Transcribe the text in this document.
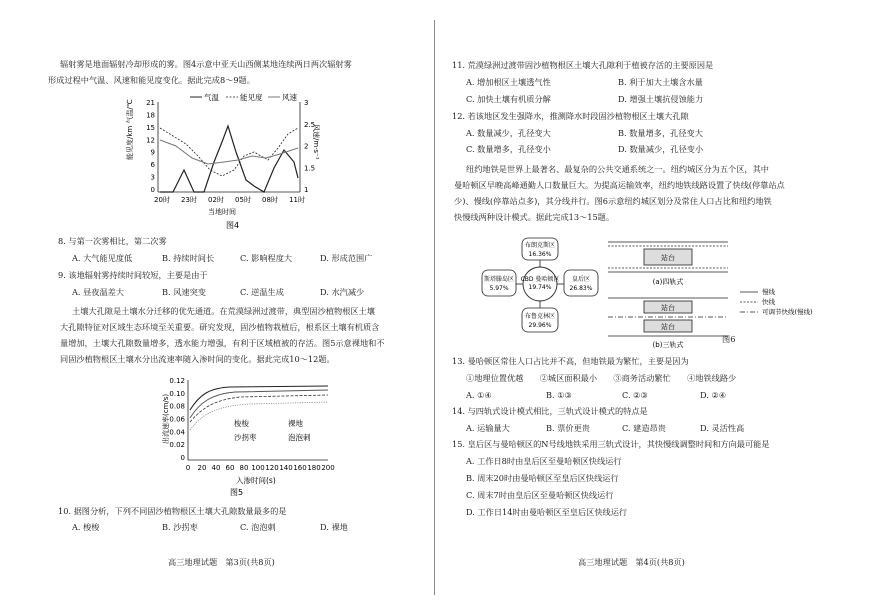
辐射雾是地面辐射冷却形成的雾。图4示意中亚天山西侧某地连续两日两次辐射雾
形成过程中气温、风速和能见度变化。据此完成8～9题。
气温	能见度	风速
21
18
15
12
9
6
3
0
3
2.5
2
1.5
1
20时 23时 02时 05时 08时 11时
能见度/km 气温/℃	风速/m·s⁻¹
当地时间
图4
8. 与第一次雾相比，第二次雾
A. 大气能见度低	B. 持续时间长	C. 影响程度大	D. 形成范围广
9. 该地辐射雾持续时间较短，主要是由于
A. 昼夜温差大	B. 风速突变	C. 逆温生成	D. 水汽减少
土壤大孔隙是土壤水分迁移的优先通道。在荒漠绿洲过渡带，典型固沙植物根区土壤
大孔隙特征对区域生态环境至关重要。研究发现，固沙植物栽植后，根系区土壤有机质含
量增加，土壤大孔隙数量增多，透水能力增强，有利于区域植被的存活。图5示意裸地和不
同固沙植物根区土壤水分出流速率随入渗时间的变化。据此完成10～12题。
0.12
0.10
0.08
0.06
0.04
0.02
0
0 20 40 60 80 100 120 140 160 180 200
出流速率(cm/s)
入渗时间(s)
梭梭	裸地
沙拐枣	泡泡刺
图5
10. 据图分析，下列不同固沙植物根区土壤大孔隙数量最多的是
A. 梭梭	B. 沙拐枣	C. 泡泡刺	D. 裸地
高三地理试题　第3页(共8页)
11. 荒漠绿洲过渡带固沙植物根区土壤大孔隙利于植被存活的主要原因是
A. 增加根区土壤透气性	B. 利于加大土壤含水量
C. 加快土壤有机质分解	D. 增强土壤抗侵蚀能力
12. 若该地区发生强降水，推测降水时段固沙植物根区土壤大孔隙
A. 数量减少，孔径变大	B. 数量增多，孔径变大
C. 数量增多，孔径变小	D. 数量减少，孔径变小
纽约地铁是世界上最著名、最复杂的公共交通系统之一。纽约城区分为五个区，其中
曼哈顿区早晚高峰通勤人口数量巨大。为提高运输效率，纽约地铁线路设置了快线(停靠站点
少)、慢线(停靠站点多)，其分线并行。图6示意纽约城区划分及常住人口占比和纽约地铁
快慢线两种设计模式。据此完成13～15题。
CBD 曼哈顿区
19.74%
布朗克斯区
16.36%
斯塔滕岛区
5.97%
皇后区
26.83%
布鲁克林区
29.96%
站台
(a)四轨式
站台
站台
(b)三轨式
慢线
快线
可调节快线(慢线)
图6
13. 曼哈顿区常住人口占比并不高，但地铁最为繁忙，主要是因为
①地理位置优越　　②城区面积最小　　③商务活动繁忙　　④地铁线路少
A. ①④	B. ①③	C. ②③	D. ②④
14. 与四轨式设计模式相比，三轨式设计模式的特点是
A. 运输量大	B. 票价更贵	C. 建造昂贵	D. 灵活性高
15. 皇后区与曼哈顿区的N号线地铁采用三轨式设计，其快慢线调整时间和方向最可能是
A. 工作日8时由皇后区至曼哈顿区快线运行
B. 周末20时由曼哈顿区至皇后区快线运行
C. 周末7时由皇后区至曼哈顿区快线运行
D. 工作日14时由曼哈顿区至皇后区快线运行
高三地理试题　第4页(共8页)
